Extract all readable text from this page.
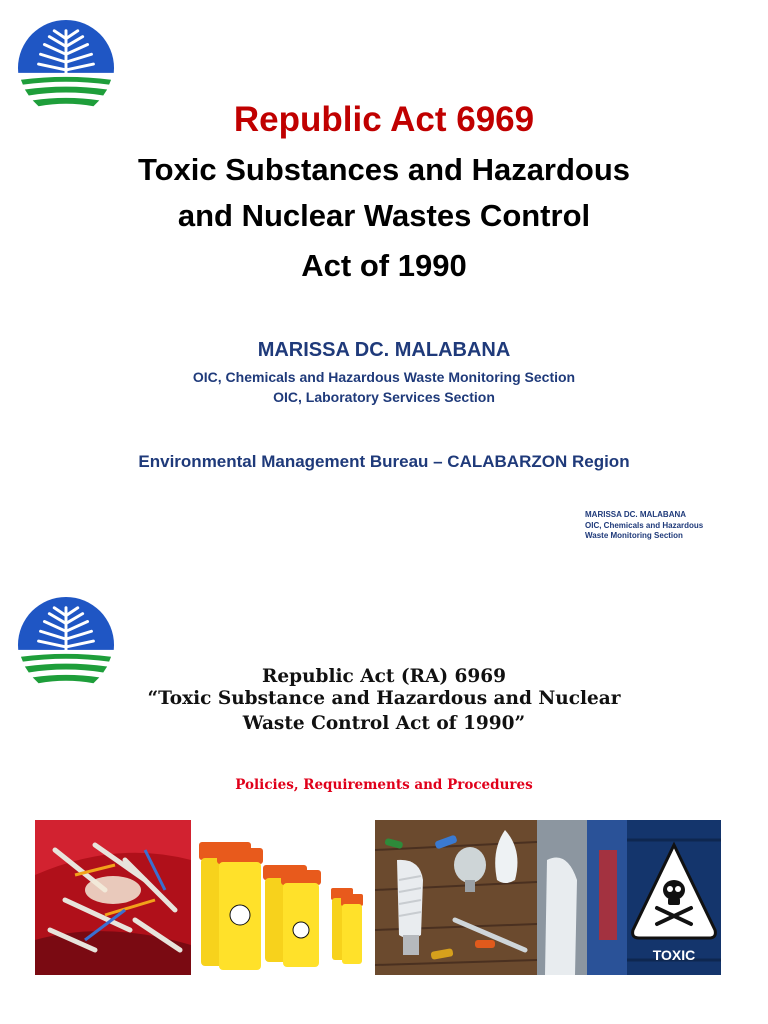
Republic Act 6969
Toxic Substances and Hazardous
and Nuclear Wastes Control
Act of 1990
MARISSA DC. MALABANA
OIC, Chemicals and Hazardous Waste Monitoring Section
OIC, Laboratory Services Section
Environmental Management Bureau – CALABARZON Region
MARISSA DC. MALABANA
OIC, Chemicals and Hazardous
Waste Monitoring Section
Republic Act (RA) 6969
“Toxic Substance and Hazardous and Nuclear
Waste Control Act of 1990”
Policies, Requirements and Procedures
TOXIC
